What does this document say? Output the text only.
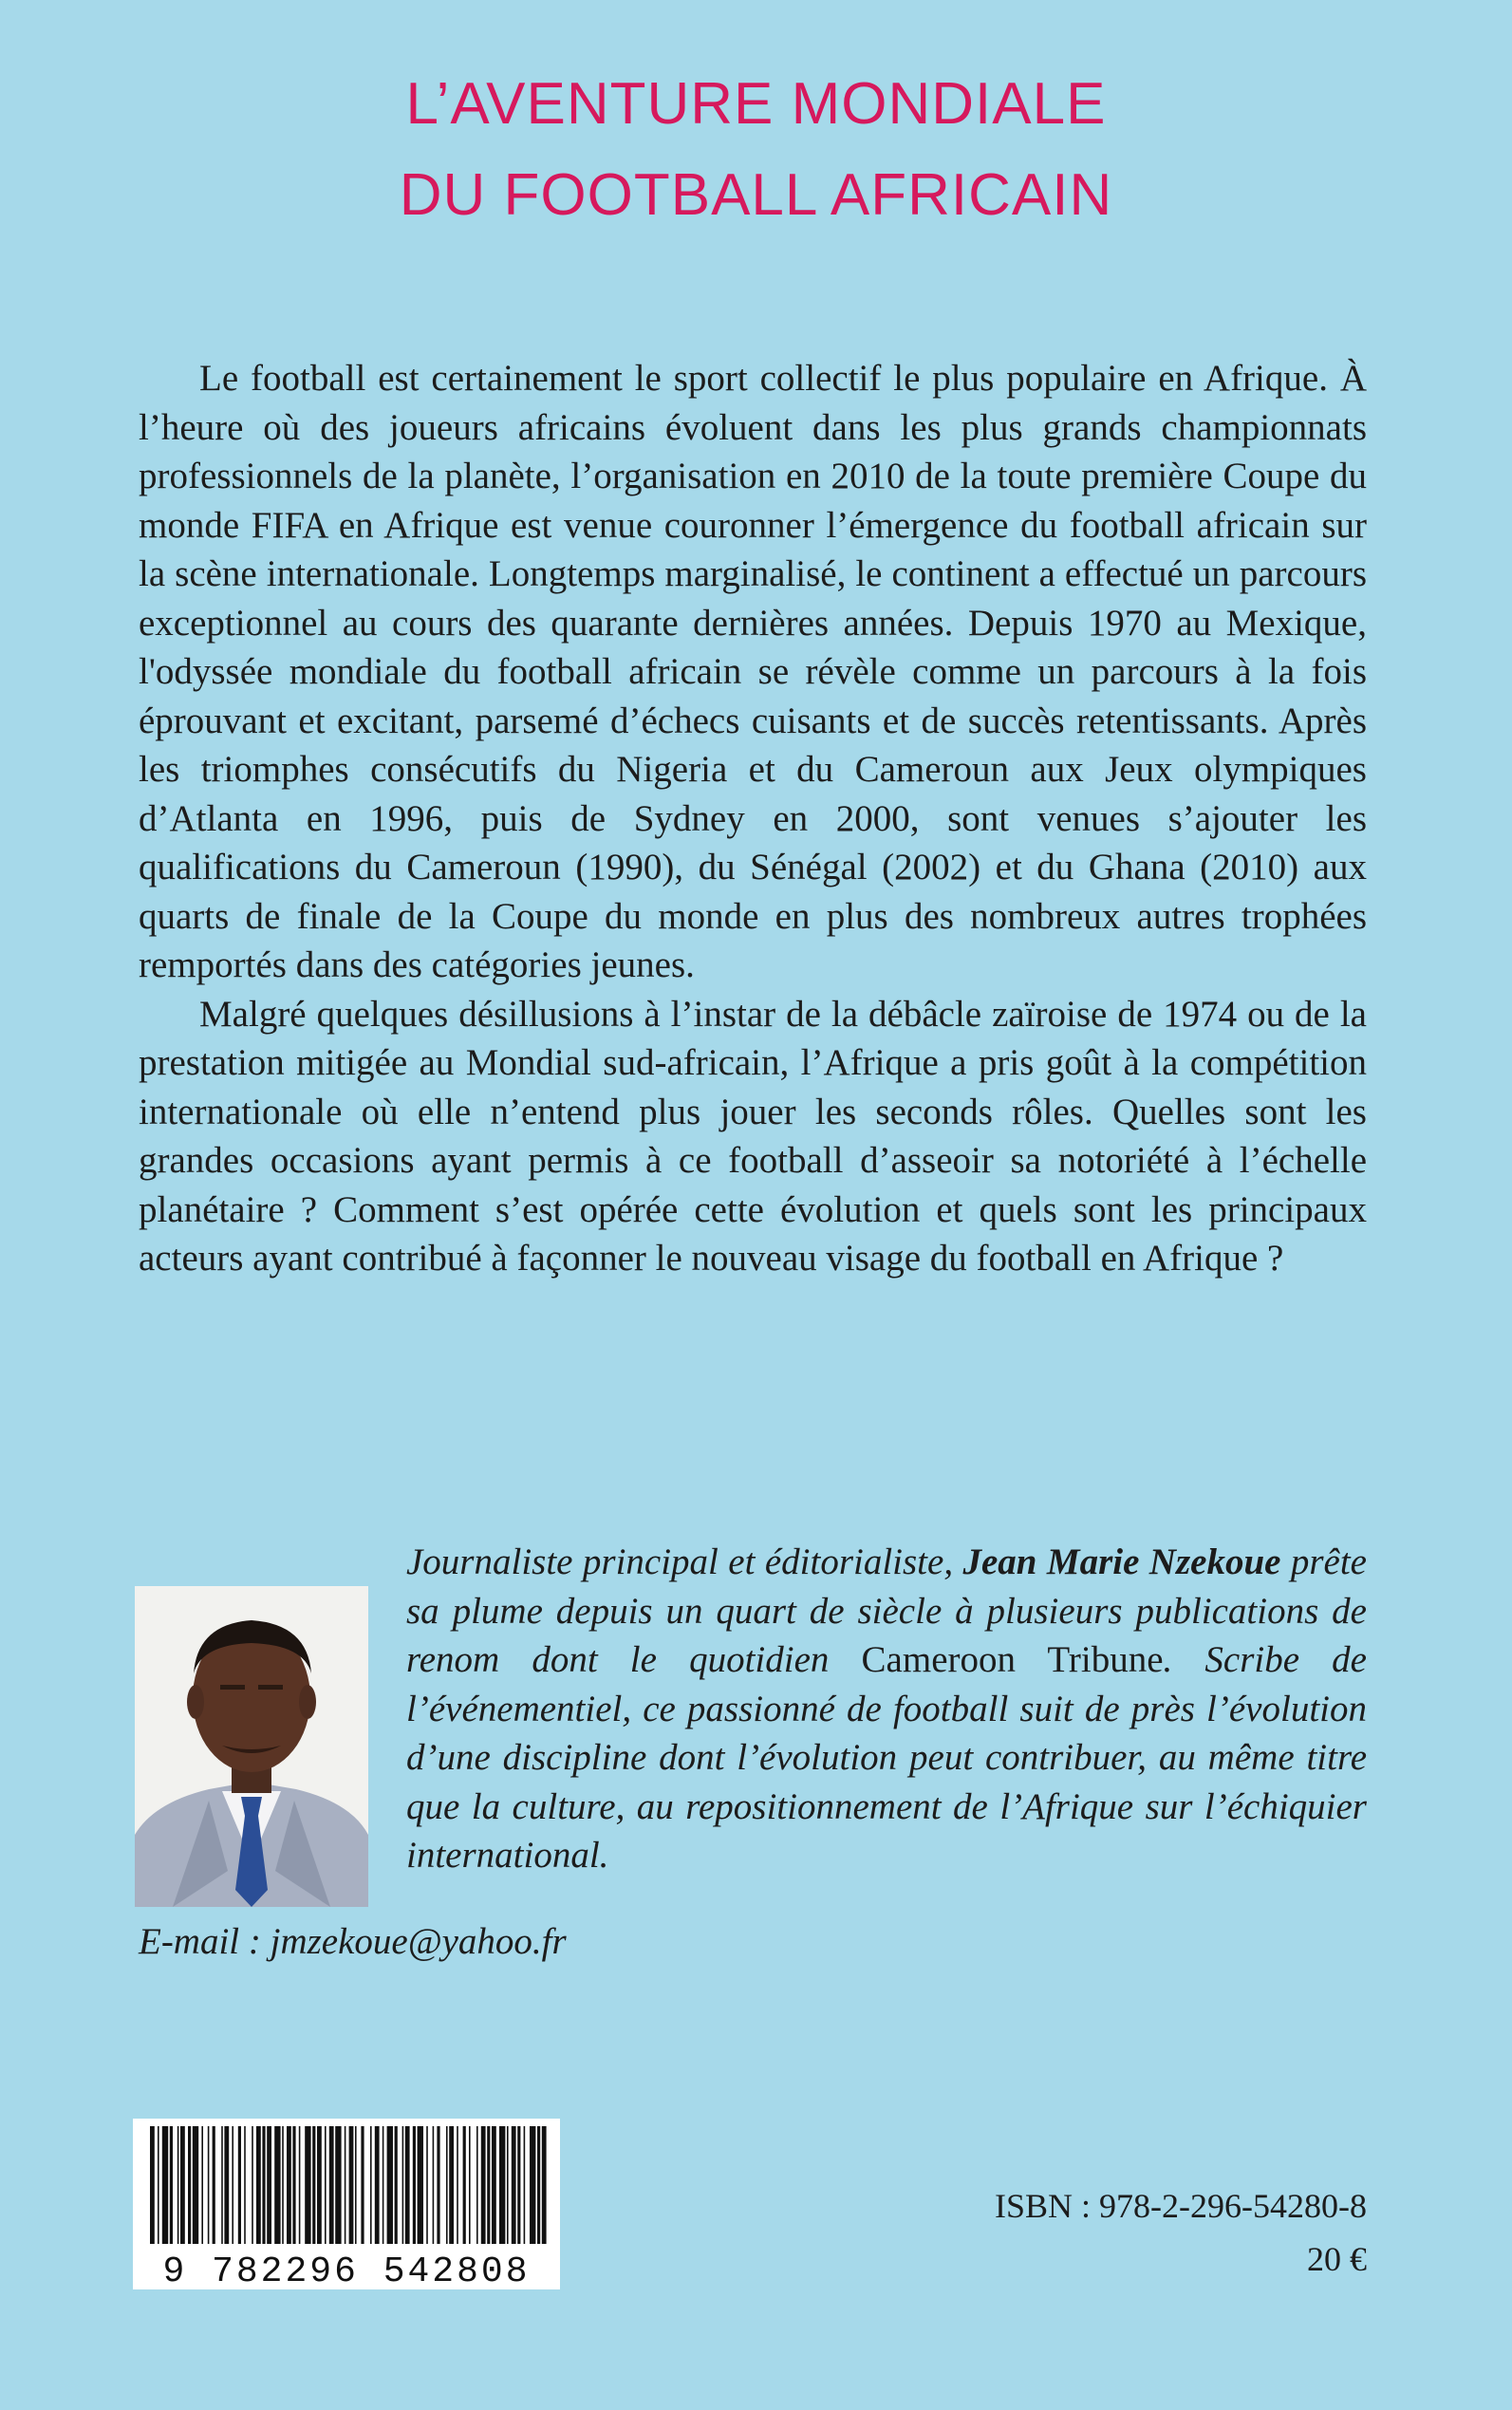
L’AVENTURE MONDIALE
DU FOOTBALL AFRICAIN

Le football est certainement le sport collectif le plus populaire en Afrique. À l’heure où des joueurs africains évoluent dans les plus grands championnats professionnels de la planète, l’organisation en 2010 de la toute première Coupe du monde FIFA en Afrique est venue couronner l’émergence du football africain sur la scène internationale. Longtemps marginalisé, le continent a effectué un parcours exceptionnel au cours des quarante dernières années. Depuis 1970 au Mexique, l'odyssée mondiale du football africain se révèle comme un parcours à la fois éprouvant et excitant, parsemé d’échecs cuisants et de succès retentissants. Après les triomphes consécutifs du Nigeria et du Cameroun aux Jeux olympiques d’Atlanta en 1996, puis de Sydney en 2000, sont venues s’ajouter les qualifications du Cameroun (1990), du Sénégal (2002) et du Ghana (2010) aux quarts de finale de la Coupe du monde en plus des nombreux autres trophées remportés dans des catégories jeunes.

Malgré quelques désillusions à l’instar de la débâcle zaïroise de 1974 ou de la prestation mitigée au Mondial sud-africain, l’Afrique a pris goût à la compétition internationale où elle n’entend plus jouer les seconds rôles. Quelles sont les grandes occasions ayant permis à ce football d’asseoir sa notoriété à l’échelle planétaire ? Comment s’est opérée cette évolution et quels sont les principaux acteurs ayant contribué à façonner le nouveau visage du football en Afrique ?

Journaliste principal et éditorialiste, Jean Marie Nzekoue prête sa plume depuis un quart de siècle à plusieurs publications de renom dont le quotidien Cameroon Tribune. Scribe de l’événementiel, ce passionné de football suit de près l’évolution d’une discipline dont l’évolution peut contribuer, au même titre que la culture, au repositionnement de l’Afrique sur l’échiquier international.
E-mail : jmzekoue@yahoo.fr
9 782296 542808
ISBN : 978-2-296-54280-8
20 €
